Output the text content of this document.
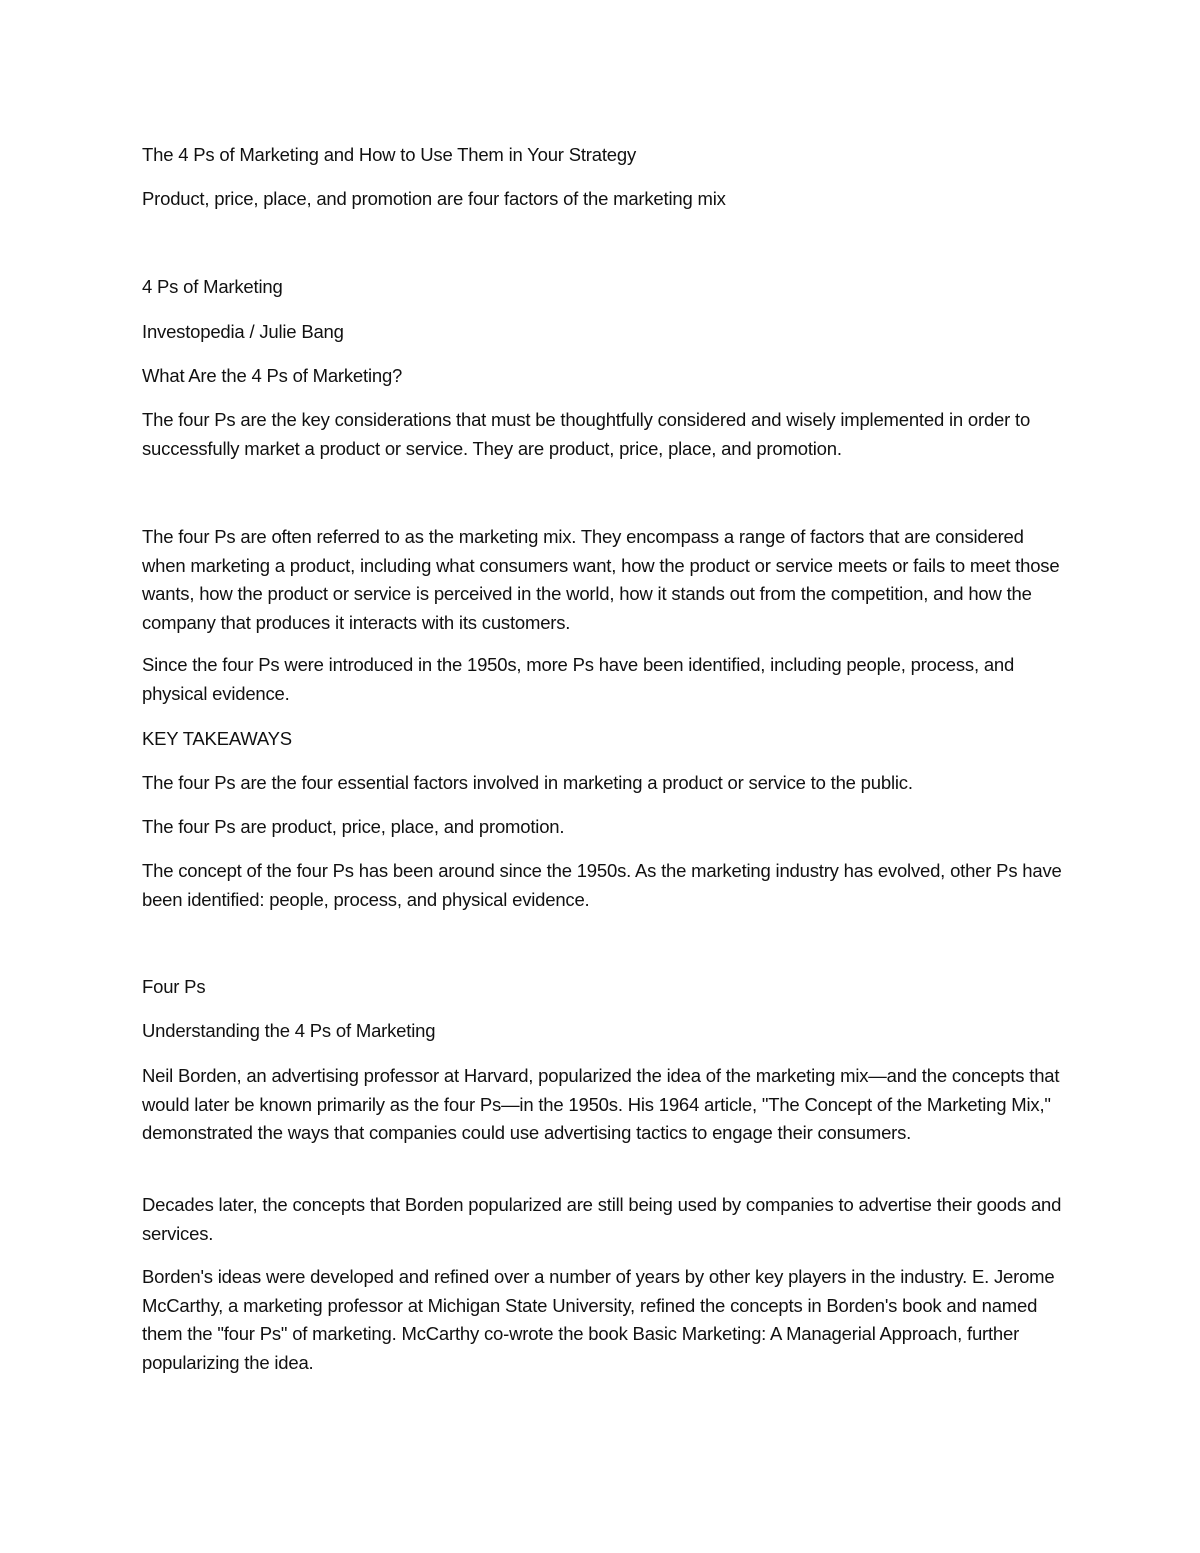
The 4 Ps of Marketing and How to Use Them in Your Strategy

Product, price, place, and promotion are four factors of the marketing mix

4 Ps of Marketing

Investopedia / Julie Bang

What Are the 4 Ps of Marketing?

The four Ps are the key considerations that must be thoughtfully considered and wisely implemented in order to successfully market a product or service. They are product, price, place, and promotion.

The four Ps are often referred to as the marketing mix. They encompass a range of factors that are considered when marketing a product, including what consumers want, how the product or service meets or fails to meet those wants, how the product or service is perceived in the world, how it stands out from the competition, and how the company that produces it interacts with its customers.

Since the four Ps were introduced in the 1950s, more Ps have been identified, including people, process, and physical evidence.

KEY TAKEAWAYS

The four Ps are the four essential factors involved in marketing a product or service to the public.

The four Ps are product, price, place, and promotion.

The concept of the four Ps has been around since the 1950s. As the marketing industry has evolved, other Ps have been identified: people, process, and physical evidence.

Four Ps

Understanding the 4 Ps of Marketing

Neil Borden, an advertising professor at Harvard, popularized the idea of the marketing mix—and the concepts that would later be known primarily as the four Ps—in the 1950s. His 1964 article, "The Concept of the Marketing Mix," demonstrated the ways that companies could use advertising tactics to engage their consumers.

Decades later, the concepts that Borden popularized are still being used by companies to advertise their goods and services.

Borden's ideas were developed and refined over a number of years by other key players in the industry. E. Jerome McCarthy, a marketing professor at Michigan State University, refined the concepts in Borden's book and named them the "four Ps" of marketing. McCarthy co-wrote the book Basic Marketing: A Managerial Approach, further popularizing the idea.
